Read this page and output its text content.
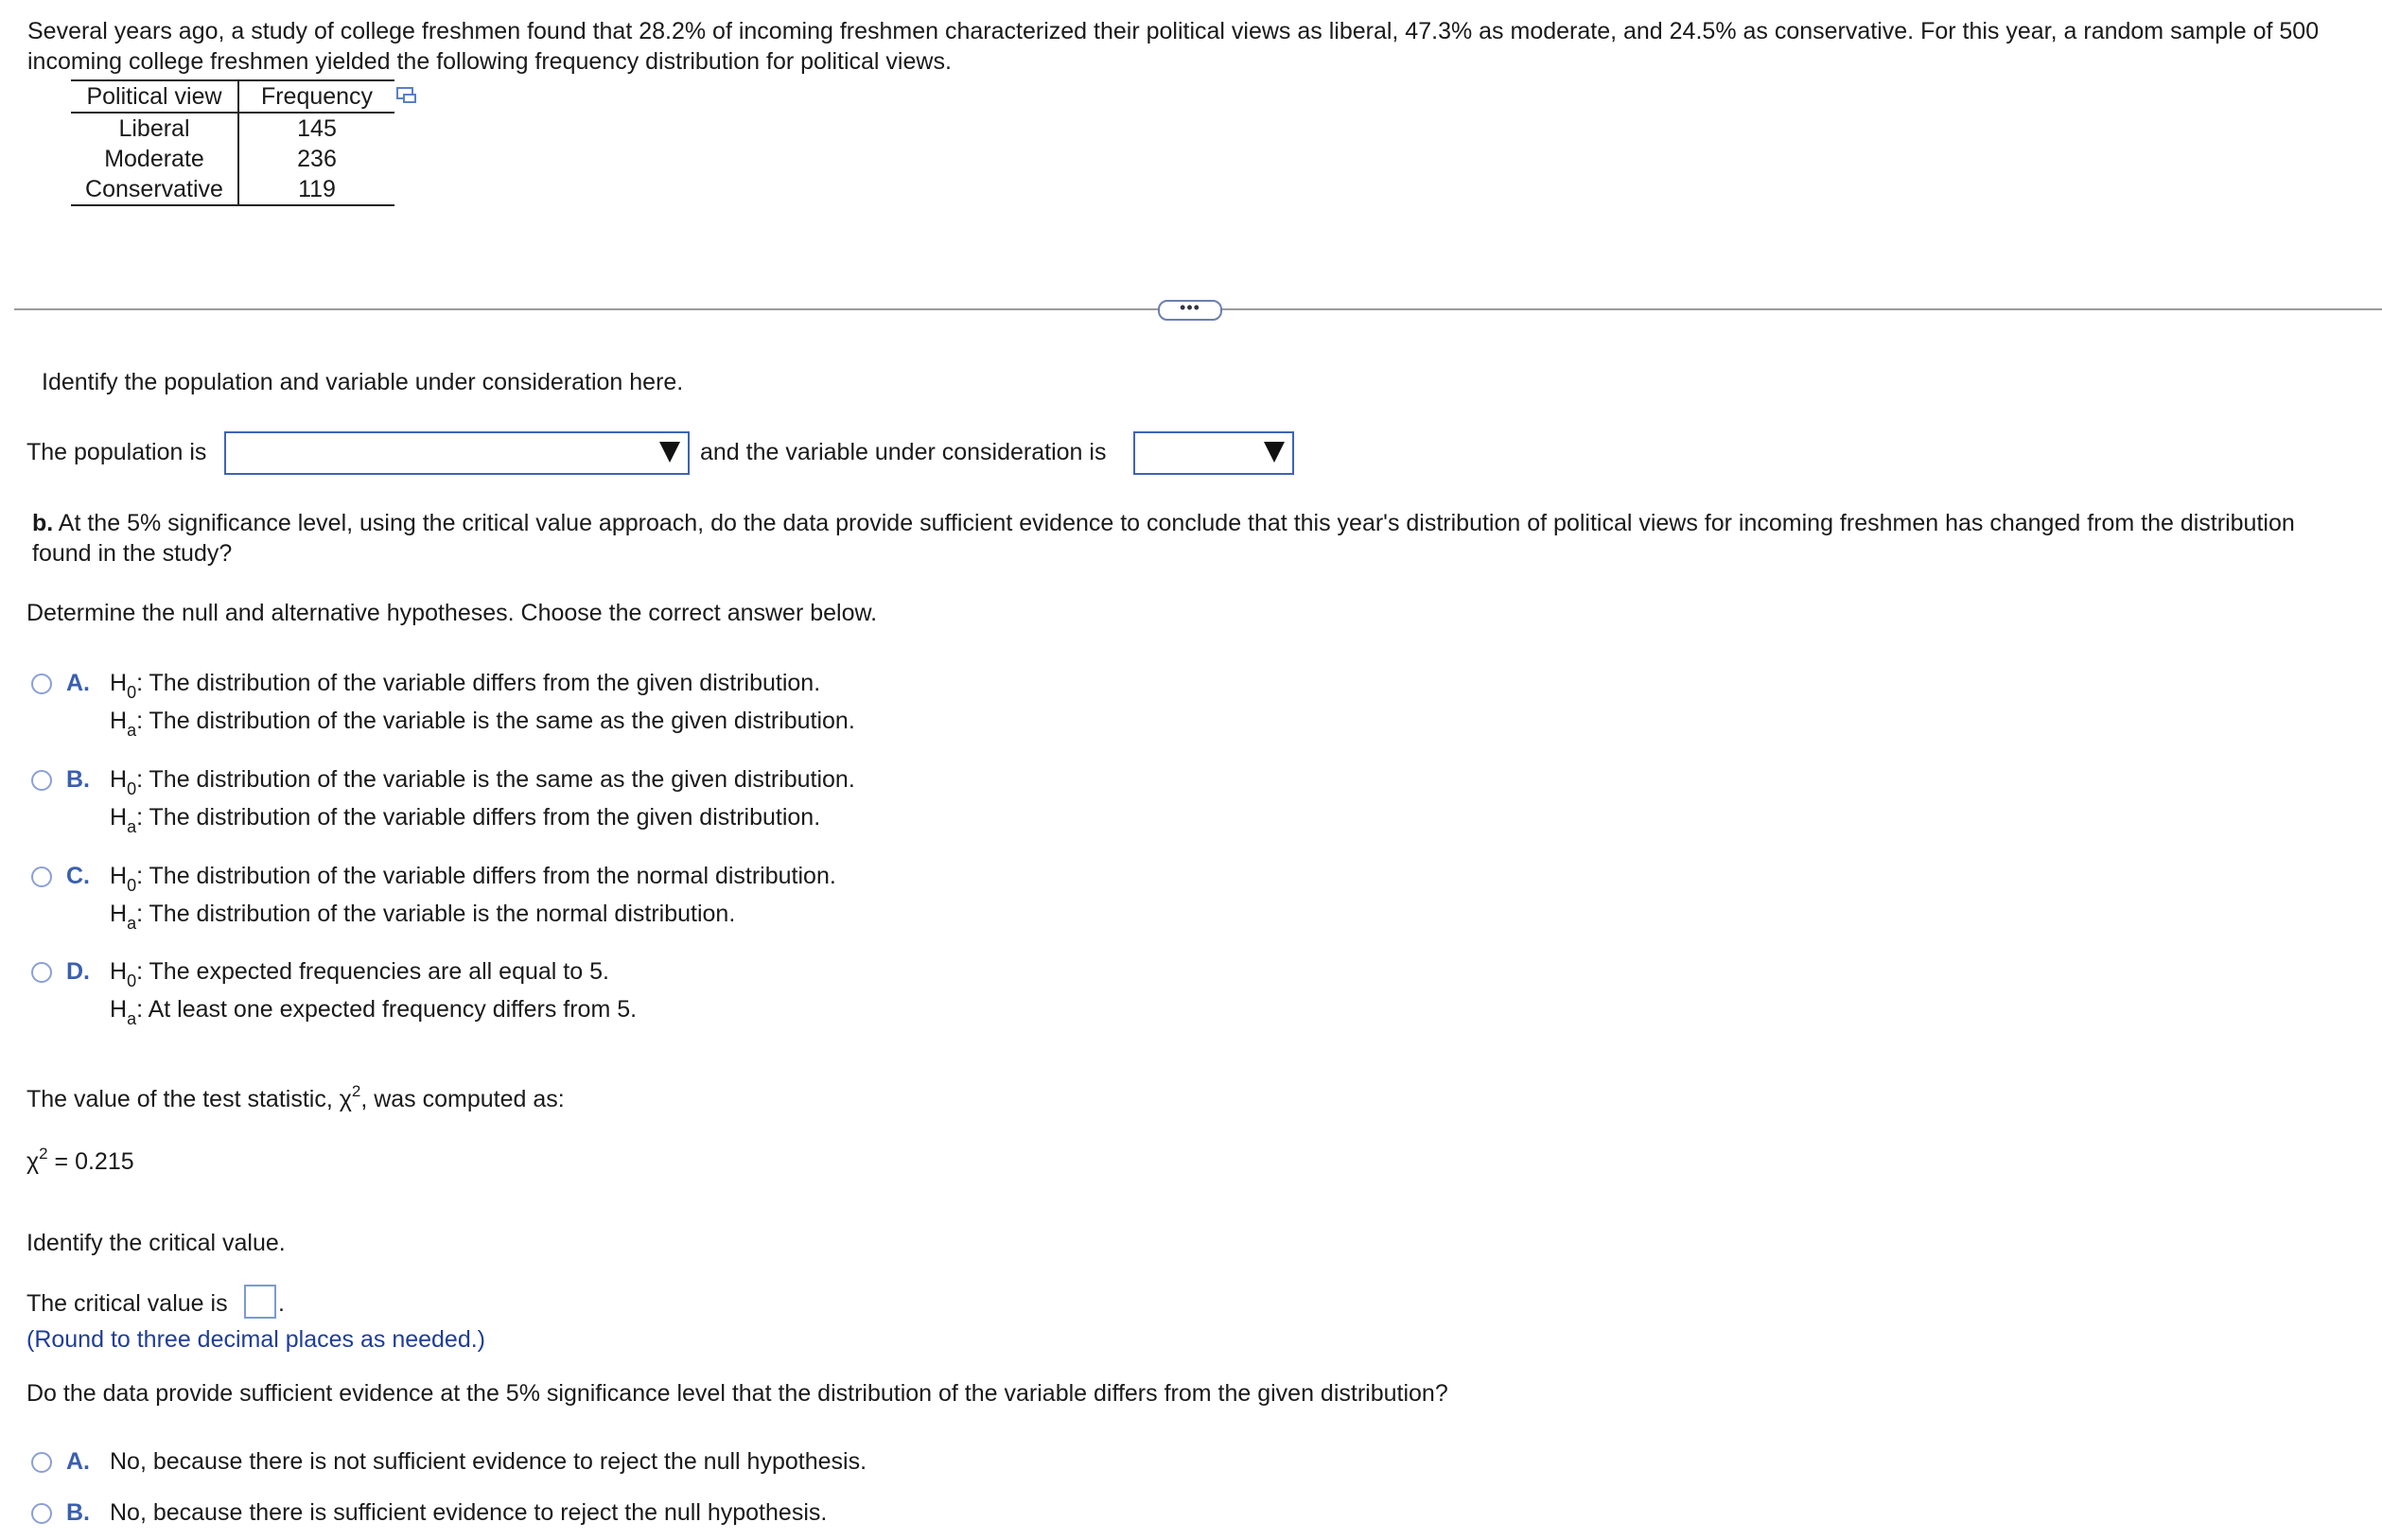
Several years ago, a study of college freshmen found that 28.2% of incoming freshmen characterized their political views as liberal, 47.3% as moderate, and 24.5% as conservative. For this year, a random sample of 500 incoming college freshmen yielded the following frequency distribution for political views.
Political view	Frequency
Liberal	145
Moderate	236
Conservative	119
•••
Identify the population and variable under consideration here.
The population is	and the variable under consideration is
b. At the 5% significance level, using the critical value approach, do the data provide sufficient evidence to conclude that this year's distribution of political views for incoming freshmen has changed from the distribution found in the study?
Determine the null and alternative hypotheses. Choose the correct answer below.
A. $H_0$: The distribution of the variable differs from the given distribution.
$H_a$: The distribution of the variable is the same as the given distribution.
B. $H_0$: The distribution of the variable is the same as the given distribution.
$H_a$: The distribution of the variable differs from the given distribution.
C. $H_0$: The distribution of the variable differs from the normal distribution.
$H_a$: The distribution of the variable is the normal distribution.
D. $H_0$: The expected frequencies are all equal to 5.
$H_a$: At least one expected frequency differs from 5.
The value of the test statistic, $\chi^2$, was computed as:
$\chi^2 = 0.215$
Identify the critical value.
The critical value is .
(Round to three decimal places as needed.)
Do the data provide sufficient evidence at the 5% significance level that the distribution of the variable differs from the given distribution?
A. No, because there is not sufficient evidence to reject the null hypothesis.
B. No, because there is sufficient evidence to reject the null hypothesis.
